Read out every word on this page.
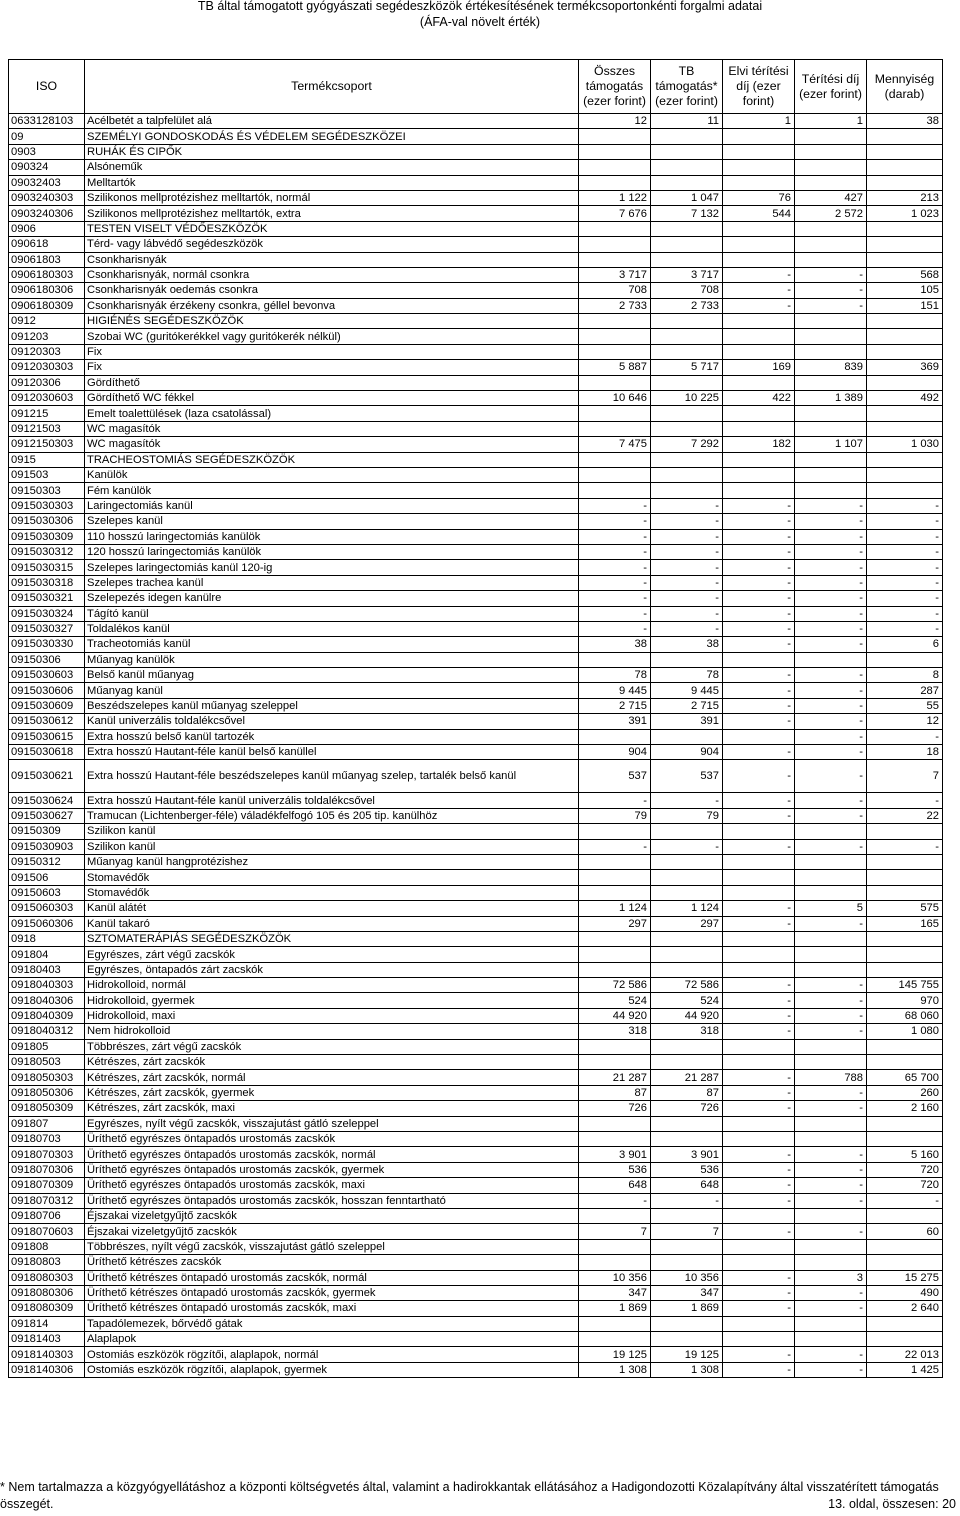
TB által támogatott gyógyászati segédeszközök értékesítésének termékcsoportonkénti forgalmi adatai
(ÁFA-val növelt érték)
ISO	Termékcsoport	Összes támogatás (ezer forint)	TB támogatás* (ezer forint)	Elvi térítési díj (ezer forint)	Térítési díj (ezer forint)	Mennyiség (darab)
0633128103	Acélbetét a talpfelület alá	12	11	1	1	38
09	SZEMÉLYI GONDOSKODÁS ÉS VÉDELEM SEGÉDESZKÖZEI					
0903	RUHÁK ÉS CIPŐK					
090324	Alsóneműk					
09032403	Melltartók					
0903240303	Szilikonos mellprotézishez melltartók, normál	1 122	1 047	76	427	213
0903240306	Szilikonos mellprotézishez melltartók, extra	7 676	7 132	544	2 572	1 023
0906	TESTEN VISELT VÉDŐESZKÖZÖK					
090618	Térd- vagy lábvédő segédeszközök					
09061803	Csonkharisnyák					
0906180303	Csonkharisnyák, normál csonkra	3 717	3 717	-	-	568
0906180306	Csonkharisnyák oedemás csonkra	708	708	-	-	105
0906180309	Csonkharisnyák érzékeny csonkra, géllel bevonva	2 733	2 733	-	-	151
0912	HIGIÉNÉS SEGÉDESZKÖZÖK					
091203	Szobai WC (guritókerékkel vagy guritókerék nélkül)					
09120303	Fix					
0912030303	Fix	5 887	5 717	169	839	369
09120306	Gördíthető					
0912030603	Gördíthető WC fékkel	10 646	10 225	422	1 389	492
091215	Emelt toalettülések (laza csatolással)					
09121503	WC magasítók					
0912150303	WC magasítók	7 475	7 292	182	1 107	1 030
0915	TRACHEOSTOMIÁS SEGÉDESZKÖZÖK					
091503	Kanülök					
09150303	Fém kanülök					
0915030303	Laringectomiás kanül	-	-	-	-	-
0915030306	Szelepes kanül	-	-	-	-	-
0915030309	110 hosszú laringectomiás kanülök	-	-	-	-	-
0915030312	120 hosszú laringectomiás kanülök	-	-	-	-	-
0915030315	Szelepes laringectomiás kanül 120-ig	-	-	-	-	-
0915030318	Szelepes trachea kanül	-	-	-	-	-
0915030321	Szelepezés idegen kanülre	-	-	-	-	-
0915030324	Tágító kanül	-	-	-	-	-
0915030327	Toldalékos kanül	-	-	-	-	-
0915030330	Tracheotomiás kanül	38	38	-	-	6
09150306	Műanyag kanülök					
0915030603	Belső kanül műanyag	78	78	-	-	8
0915030606	Műanyag kanül	9 445	9 445	-	-	287
0915030609	Beszédszelepes kanül műanyag szeleppel	2 715	2 715	-	-	55
0915030612	Kanül univerzális toldalékcsővel	391	391	-	-	12
0915030615	Extra hosszú belső kanül tartozék				-	-
0915030618	Extra hosszú Hautant-féle kanül belső kanüllel	904	904	-	-	18
0915030621	Extra hosszú Hautant-féle beszédszelepes kanül műanyag szelep, tartalék belső kanül	537	537	-	-	7
0915030624	Extra hosszú Hautant-féle kanül univerzális toldalékcsővel	-	-	-	-	-
0915030627	Tramucan (Lichtenberger-féle) váladékfelfogó 105 és 205 tip. kanülhöz	79	79	-	-	22
09150309	Szilikon kanül					
0915030903	Szilikon kanül	-	-	-	-	-
09150312	Műanyag kanül hangprotézishez					
091506	Stomavédők					
09150603	Stomavédők					
0915060303	Kanül alátét	1 124	1 124	-	5	575
0915060306	Kanül takaró	297	297	-	-	165
0918	SZTOMATERÁPIÁS SEGÉDESZKÖZÖK					
091804	Egyrészes, zárt végű zacskók					
09180403	Egyrészes, öntapadós zárt zacskók					
0918040303	Hidrokolloid, normál	72 586	72 586	-	-	145 755
0918040306	Hidrokolloid, gyermek	524	524	-	-	970
0918040309	Hidrokolloid, maxi	44 920	44 920	-	-	68 060
0918040312	Nem hidrokolloid	318	318	-	-	1 080
091805	Többrészes, zárt végű zacskók					
09180503	Kétrészes, zárt zacskók					
0918050303	Kétrészes, zárt zacskók, normál	21 287	21 287	-	788	65 700
0918050306	Kétrészes, zárt zacskók, gyermek	87	87	-	-	260
0918050309	Kétrészes, zárt zacskók, maxi	726	726	-	-	2 160
091807	Egyrészes, nyílt végű zacskók, visszajutást gátló szeleppel					
09180703	Üríthető egyrészes öntapadós urostomás zacskók					
0918070303	Üríthető egyrészes öntapadós urostomás zacskók, normál	3 901	3 901	-	-	5 160
0918070306	Üríthető egyrészes öntapadós urostomás zacskók, gyermek	536	536	-	-	720
0918070309	Üríthető egyrészes öntapadós urostomás zacskók, maxi	648	648	-	-	720
0918070312	Üríthető egyrészes öntapadós urostomás zacskók, hosszan fenntartható	-	-	-	-	-
09180706	Éjszakai vizeletgyűjtő zacskók					
0918070603	Éjszakai vizeletgyűjtő zacskók	7	7	-	-	60
091808	Többrészes, nyílt végű zacskók, visszajutást gátló szeleppel					
09180803	Üríthető kétrészes zacskók					
0918080303	Üríthető kétrészes öntapadó urostomás zacskók, normál	10 356	10 356	-	3	15 275
0918080306	Üríthető kétrészes öntapadó urostomás zacskók, gyermek	347	347	-	-	490
0918080309	Üríthető kétrészes öntapadó urostomás zacskók, maxi	1 869	1 869	-	-	2 640
091814	Tapadólemezek, bőrvédő gátak					
09181403	Alaplapok					
0918140303	Ostomiás eszközök rögzítői, alaplapok, normál	19 125	19 125	-	-	22 013
0918140306	Ostomiás eszközök rögzítői, alaplapok, gyermek	1 308	1 308	-	-	1 425
* Nem tartalmazza a közgyógyellátáshoz a központi költségvetés által, valamint a hadirokkantak ellátásához a Hadigondozotti Közalapítvány által visszatérített támogatás
összegét.	13. oldal, összesen: 20
